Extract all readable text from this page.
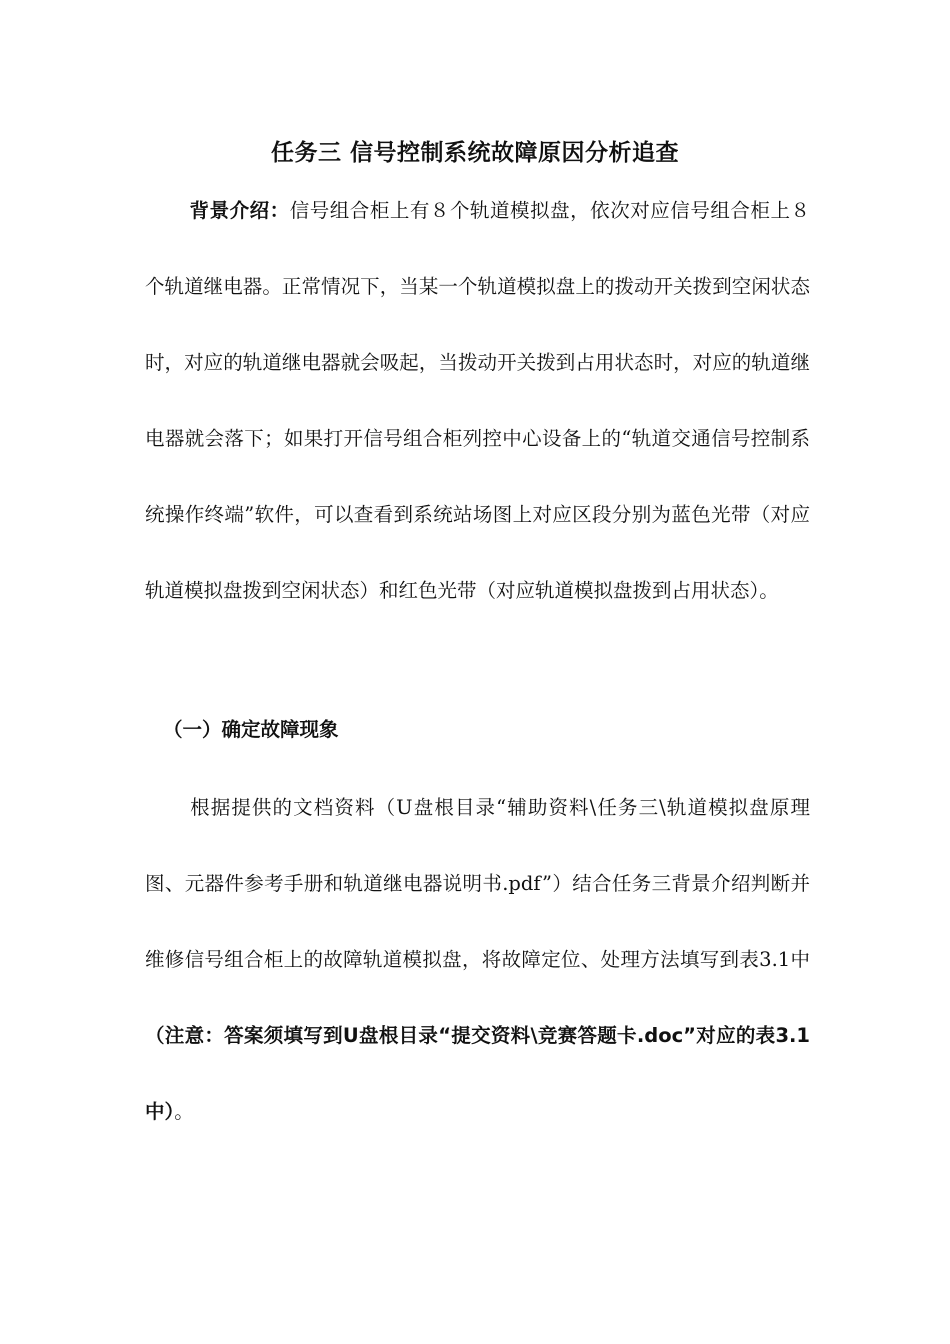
任务三 信号控制系统故障原因分析追查
背景介绍：信号组合柜上有８个轨道模拟盘，依次对应信号组合柜上８个轨道继电器。正常情况下，当某一个轨道模拟盘上的拨动开关拨到空闲状态时，对应的轨道继电器就会吸起，当拨动开关拨到占用状态时，对应的轨道继电器就会落下；如果打开信号组合柜列控中心设备上的“轨道交通信号控制系统操作终端”软件，可以查看到系统站场图上对应区段分别为蓝色光带（对应轨道模拟盘拨到空闲状态）和红色光带（对应轨道模拟盘拨到占用状态）。
（一）确定故障现象
根据提供的文档资料（U盘根目录“辅助资料\任务三\轨道模拟盘原理图、元器件参考手册和轨道继电器说明书.pdf”）结合任务三背景介绍判断并维修信号组合柜上的故障轨道模拟盘，将故障定位、处理方法填写到表3.1中（注意：答案须填写到U盘根目录“提交资料\竞赛答题卡.doc”对应的表3.1中）。
